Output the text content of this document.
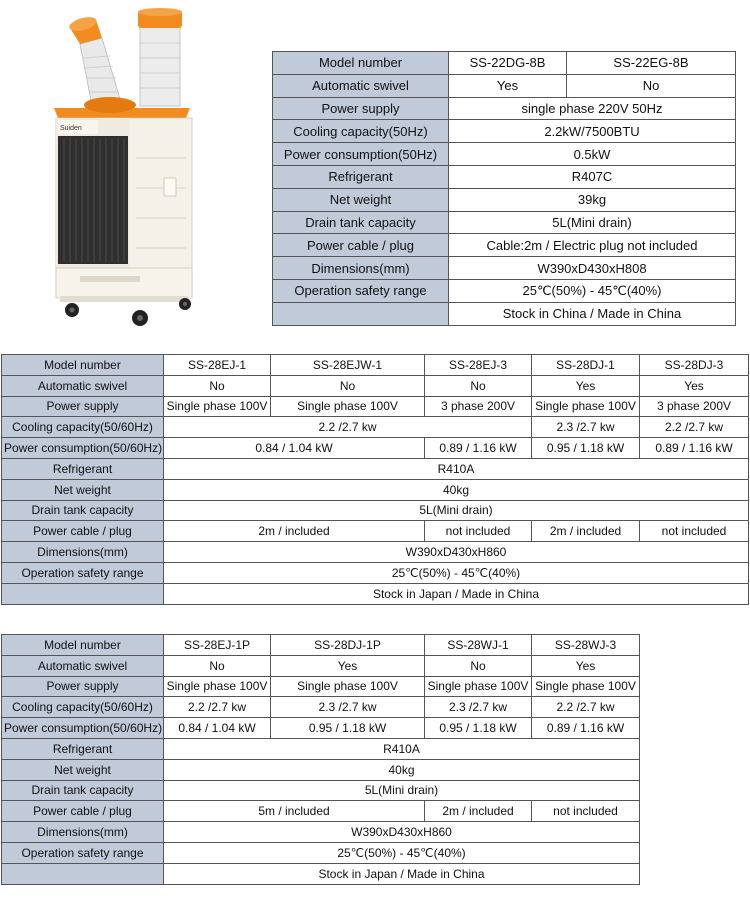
Suiden
Model number	SS-22DG-8B	SS-22EG-8B
Automatic swivel	Yes	No
Power supply	single phase 220V 50Hz	
Cooling capacity(50Hz)	2.2kW/7500BTU	
Power consumption(50Hz)	0.5kW	
Refrigerant	R407C	
Net weight	39kg	
Drain tank capacity	5L(Mini drain)	
Power cable / plug	Cable:2m / Electric plug not included	
Dimensions(mm)	W390xD430xH808	
Operation safety range	25℃(50%) - 45℃(40%)	
	Stock in China / Made in China	
Model number	SS-28EJ-1	SS-28EJW-1	SS-28EJ-3	SS-28DJ-1	SS-28DJ-3
Automatic swivel	No	No	No	Yes	Yes
Power supply	Single phase 100V	Single phase 100V	3 phase 200V	Single phase 100V	3 phase 200V
Cooling capacity(50/60Hz)	2.2 /2.7 kw			2.3 /2.7 kw	2.2 /2.7 kw
Power consumption(50/60Hz)	0.84 / 1.04 kW		0.89 / 1.16 kW	0.95 / 1.18 kW	0.89 / 1.16 kW
Refrigerant	R410A				
Net weight	40kg				
Drain tank capacity	5L(Mini drain)				
Power cable / plug	2m / included		not included	2m / included	not included
Dimensions(mm)	W390xD430xH860				
Operation safety range	25℃(50%) - 45℃(40%)				
	Stock in Japan / Made in China				
Model number	SS-28EJ-1P	SS-28DJ-1P	SS-28WJ-1	SS-28WJ-3
Automatic swivel	No	Yes	No	Yes
Power supply	Single phase 100V	Single phase 100V	Single phase 100V	Single phase 100V
Cooling capacity(50/60Hz)	2.2 /2.7 kw	2.3 /2.7 kw	2.3 /2.7 kw	2.2 /2.7 kw
Power consumption(50/60Hz)	0.84 / 1.04 kW	0.95 / 1.18 kW	0.95 / 1.18 kW	0.89 / 1.16 kW
Refrigerant	R410A			
Net weight	40kg			
Drain tank capacity	5L(Mini drain)			
Power cable / plug	5m / included		2m / included	not included
Dimensions(mm)	W390xD430xH860			
Operation safety range	25℃(50%) - 45℃(40%)			
	Stock in Japan / Made in China			
